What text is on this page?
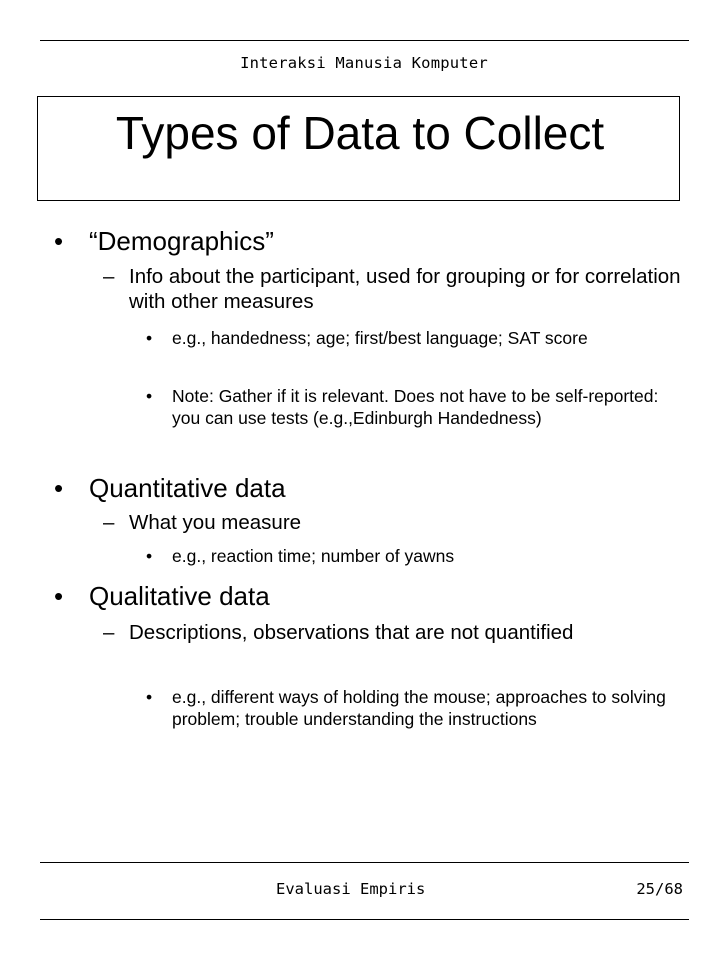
Interaksi Manusia Komputer
Types of Data to Collect
• “Demographics”
– Info about the participant, used for grouping or for correlation with other measures
• e.g., handedness; age; first/best language; SAT score
• Note: Gather if it is relevant. Does not have to be self-reported: you can use tests (e.g.,Edinburgh Handedness)
• Quantitative data
– What you measure
• e.g., reaction time; number of yawns
• Qualitative data
– Descriptions, observations that are not quantified
• e.g., different ways of holding the mouse; approaches to solving problem; trouble understanding the instructions
Evaluasi Empiris	25/68
